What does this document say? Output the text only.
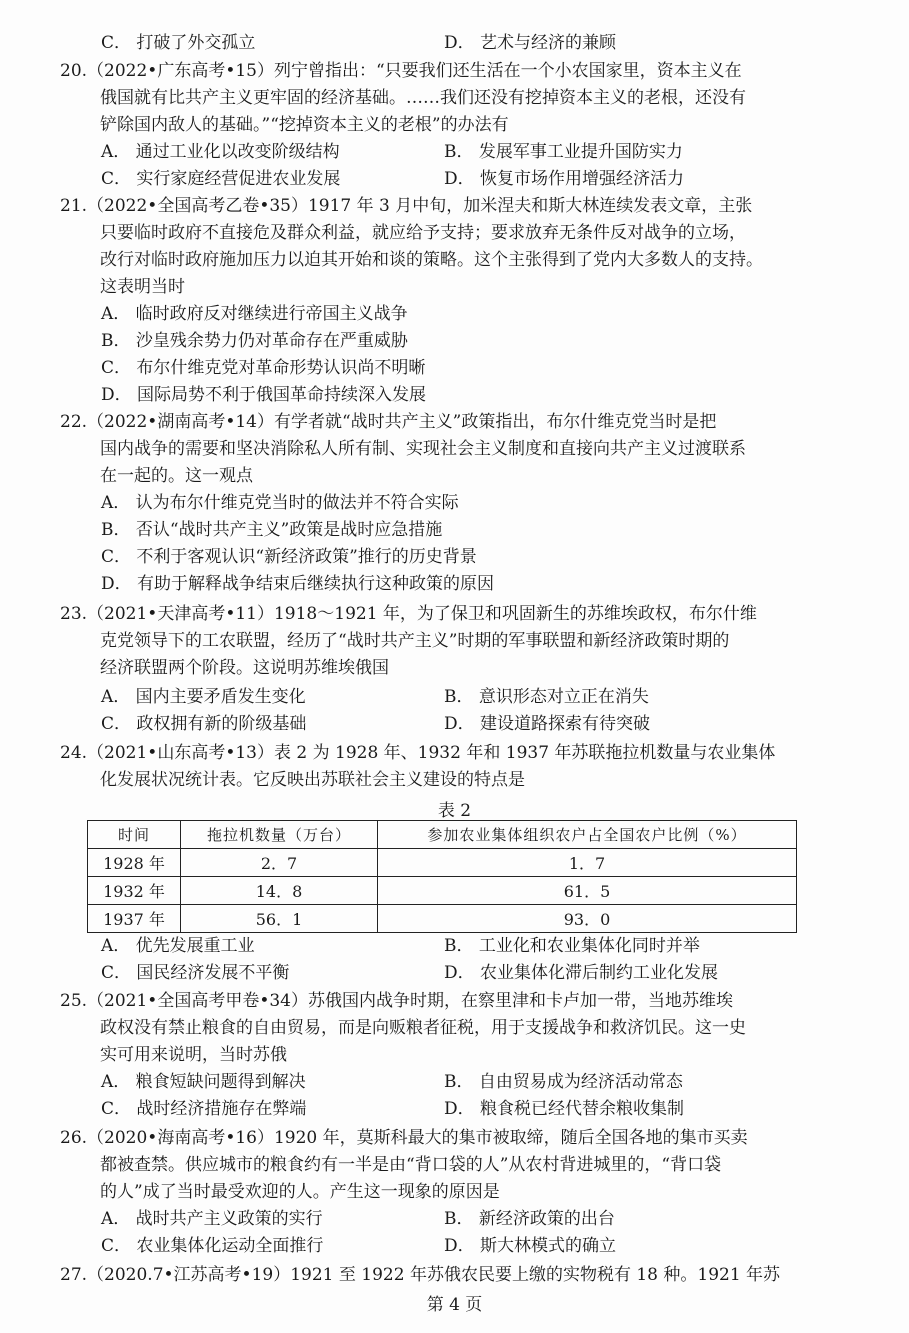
C． 打破了外交孤立	D． 艺术与经济的兼顾
20.（2022•广东高考•15）列宁曾指出：“只要我们还生活在一个小农国家里，资本主义在
俄国就有比共产主义更牢固的经济基础。……我们还没有挖掉资本主义的老根，还没有
铲除国内敌人的基础。”“挖掉资本主义的老根”的办法有
A． 通过工业化以改变阶级结构	B． 发展军事工业提升国防实力
C． 实行家庭经营促进农业发展	D． 恢复市场作用增强经济活力
21.（2022•全国高考乙卷•35）1917 年 3 月中旬，加米涅夫和斯大林连续发表文章，主张
只要临时政府不直接危及群众利益，就应给予支持；要求放弃无条件反对战争的立场，
改行对临时政府施加压力以迫其开始和谈的策略。这个主张得到了党内大多数人的支持。
这表明当时
A． 临时政府反对继续进行帝国主义战争
B． 沙皇残余势力仍对革命存在严重威胁
C． 布尔什维克党对革命形势认识尚不明晰
D． 国际局势不利于俄国革命持续深入发展
22.（2022•湖南高考•14）有学者就“战时共产主义”政策指出，布尔什维克党当时是把
国内战争的需要和坚决消除私人所有制、实现社会主义制度和直接向共产主义过渡联系
在一起的。这一观点
A． 认为布尔什维克党当时的做法并不符合实际
B． 否认“战时共产主义”政策是战时应急措施
C． 不利于客观认识“新经济政策”推行的历史背景
D． 有助于解释战争结束后继续执行这种政策的原因
23.（2021•天津高考•11）1918～1921 年，为了保卫和巩固新生的苏维埃政权，布尔什维
克党领导下的工农联盟，经历了“战时共产主义”时期的军事联盟和新经济政策时期的
经济联盟两个阶段。这说明苏维埃俄国
A． 国内主要矛盾发生变化	B． 意识形态对立正在消失
C． 政权拥有新的阶级基础	D． 建设道路探索有待突破
24.（2021•山东高考•13）表 2 为 1928 年、1932 年和 1937 年苏联拖拉机数量与农业集体
化发展状况统计表。它反映出苏联社会主义建设的特点是
表 2
时间	拖拉机数量（万台）	参加农业集体组织农户占全国农户比例（%）
1928 年	2．7	1．7
1932 年	14．8	61．5
1937 年	56．1	93．0
A． 优先发展重工业	B． 工业化和农业集体化同时并举
C． 国民经济发展不平衡	D． 农业集体化滞后制约工业化发展
25.（2021•全国高考甲卷•34）苏俄国内战争时期，在察里津和卡卢加一带，当地苏维埃
政权没有禁止粮食的自由贸易，而是向贩粮者征税，用于支援战争和救济饥民。这一史
实可用来说明，当时苏俄
A． 粮食短缺问题得到解决	B． 自由贸易成为经济活动常态
C． 战时经济措施存在弊端	D． 粮食税已经代替余粮收集制
26.（2020•海南高考•16）1920 年，莫斯科最大的集市被取缔，随后全国各地的集市买卖
都被查禁。供应城市的粮食约有一半是由“背口袋的人”从农村背进城里的，“背口袋
的人”成了当时最受欢迎的人。产生这一现象的原因是
A． 战时共产主义政策的实行	B． 新经济政策的出台
C． 农业集体化运动全面推行	D． 斯大林模式的确立
27.（2020.7•江苏高考•19）1921 至 1922 年苏俄农民要上缴的实物税有 18 种。1921 年苏
第 4 页
